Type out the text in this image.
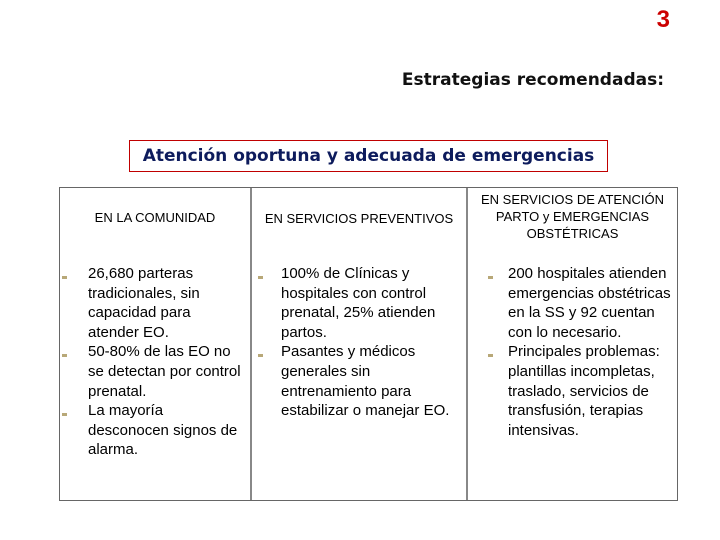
3
Estrategias recomendadas:
Atención oportuna y adecuada de emergencias
EN LA COMUNIDAD
26,680 parteras tradicionales, sin capacidad para atender EO.
50-80% de las EO no se detectan por control prenatal.
La mayoría desconocen signos de alarma.
EN SERVICIOS PREVENTIVOS
100% de Clínicas y hospitales con control prenatal, 25% atienden partos.
Pasantes y médicos generales sin entrenamiento para estabilizar o manejar EO.
EN SERVICIOS DE ATENCIÓN PARTO y EMERGENCIAS OBSTÉTRICAS
200 hospitales atienden emergencias obstétricas en la SS y 92 cuentan con lo necesario.
Principales problemas: plantillas incompletas, traslado, servicios de transfusión, terapias intensivas.
